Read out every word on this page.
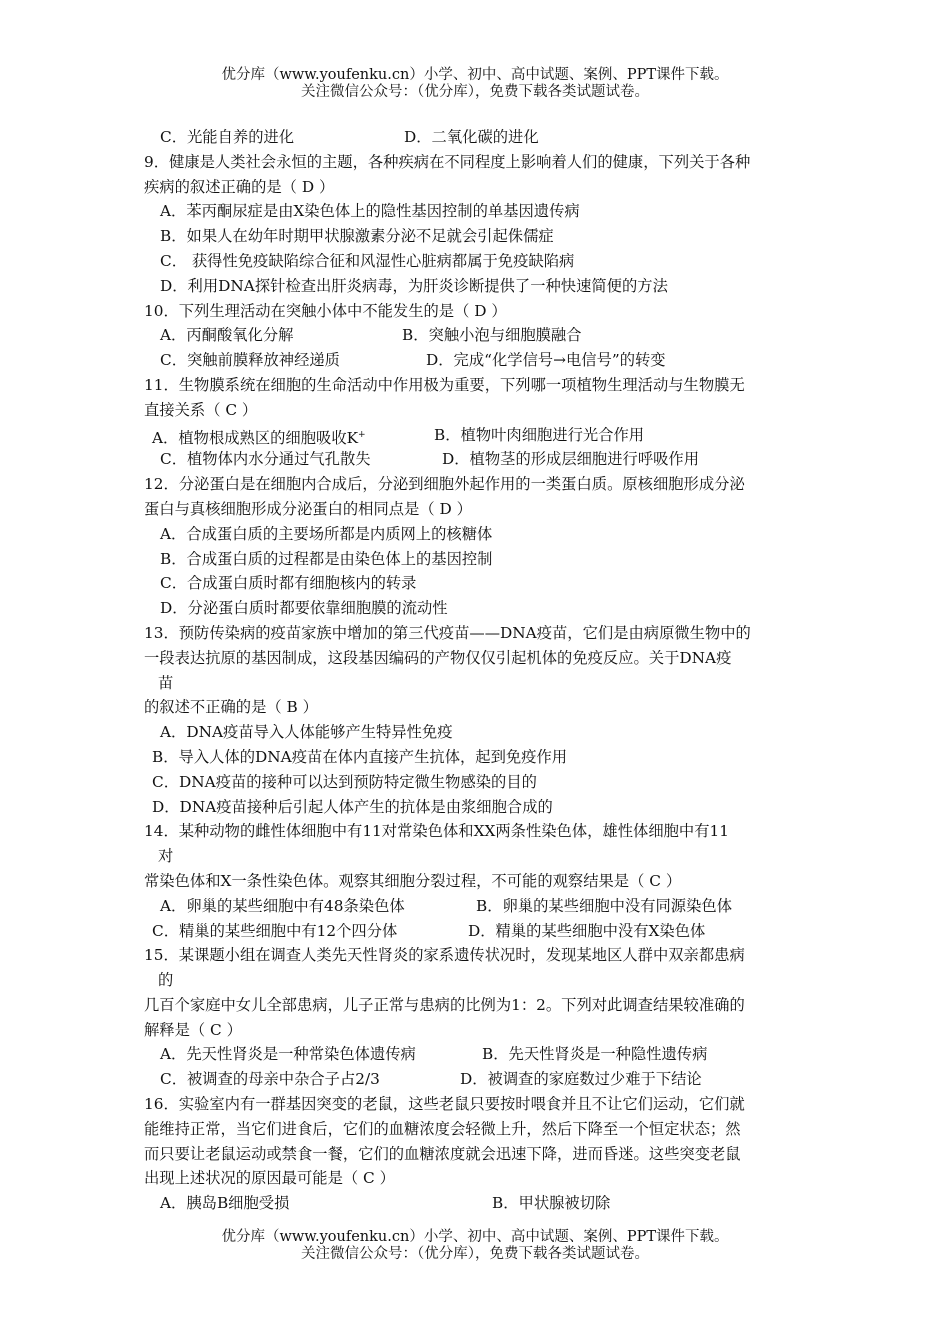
优分库（www.youfenku.cn）小学、初中、高中试题、案例、PPT课件下载。
关注微信公众号：（优分库），免费下载各类试题试卷。
C．光能自养的进化	D．二氧化碳的进化
9．健康是人类社会永恒的主题，各种疾病在不同程度上影响着人们的健康，下列关于各种
疾病的叙述正确的是（ D ）
A．苯丙酮尿症是由X染色体上的隐性基因控制的单基因遗传病
B．如果人在幼年时期甲状腺激素分泌不足就会引起侏儒症
C． 获得性免疫缺陷综合征和风湿性心脏病都属于免疫缺陷病
D．利用DNA探针检查出肝炎病毒，为肝炎诊断提供了一种快速简便的方法
10．下列生理活动在突触小体中不能发生的是（ D ）
A．丙酮酸氧化分解	B．突触小泡与细胞膜融合
C．突触前膜释放神经递质	D．完成“化学信号→电信号”的转变
11．生物膜系统在细胞的生命活动中作用极为重要，下列哪一项植物生理活动与生物膜无
直接关系（ C ）
A．植物根成熟区的细胞吸收K+	B．植物叶肉细胞进行光合作用
C．植物体内水分通过气孔散失	D．植物茎的形成层细胞进行呼吸作用
12．分泌蛋白是在细胞内合成后，分泌到细胞外起作用的一类蛋白质。原核细胞形成分泌
蛋白与真核细胞形成分泌蛋白的相同点是（ D ）
A．合成蛋白质的主要场所都是内质网上的核糖体
B．合成蛋白质的过程都是由染色体上的基因控制
C．合成蛋白质时都有细胞核内的转录
D．分泌蛋白质时都要依靠细胞膜的流动性
13．预防传染病的疫苗家族中增加的第三代疫苗——DNA疫苗，它们是由病原微生物中的
一段表达抗原的基因制成，这段基因编码的产物仅仅引起机体的免疫反应。关于DNA疫
苗
的叙述不正确的是（ B ）
A．DNA疫苗导入人体能够产生特异性免疫
B．导入人体的DNA疫苗在体内直接产生抗体，起到免疫作用
C．DNA疫苗的接种可以达到预防特定微生物感染的目的
D．DNA疫苗接种后引起人体产生的抗体是由浆细胞合成的
14．某种动物的雌性体细胞中有11对常染色体和XX两条性染色体，雄性体细胞中有11
对
常染色体和X一条性染色体。观察其细胞分裂过程，不可能的观察结果是（ C ）
A．卵巢的某些细胞中有48条染色体	B．卵巢的某些细胞中没有同源染色体
C．精巢的某些细胞中有12个四分体	D．精巢的某些细胞中没有X染色体
15．某课题小组在调查人类先天性肾炎的家系遗传状况时，发现某地区人群中双亲都患病
的
几百个家庭中女儿全部患病，儿子正常与患病的比例为1：2。下列对此调查结果较准确的
解释是（ C ）
A．先天性肾炎是一种常染色体遗传病	B．先天性肾炎是一种隐性遗传病
C．被调查的母亲中杂合子占2/3	D．被调查的家庭数过少难于下结论
16．实验室内有一群基因突变的老鼠，这些老鼠只要按时喂食并且不让它们运动，它们就
能维持正常，当它们进食后，它们的血糖浓度会轻微上升，然后下降至一个恒定状态；然
而只要让老鼠运动或禁食一餐，它们的血糖浓度就会迅速下降，进而昏迷。这些突变老鼠
出现上述状况的原因最可能是（ C ）
A．胰岛B细胞受损	B．甲状腺被切除
优分库（www.youfenku.cn）小学、初中、高中试题、案例、PPT课件下载。
关注微信公众号：（优分库），免费下载各类试题试卷。
